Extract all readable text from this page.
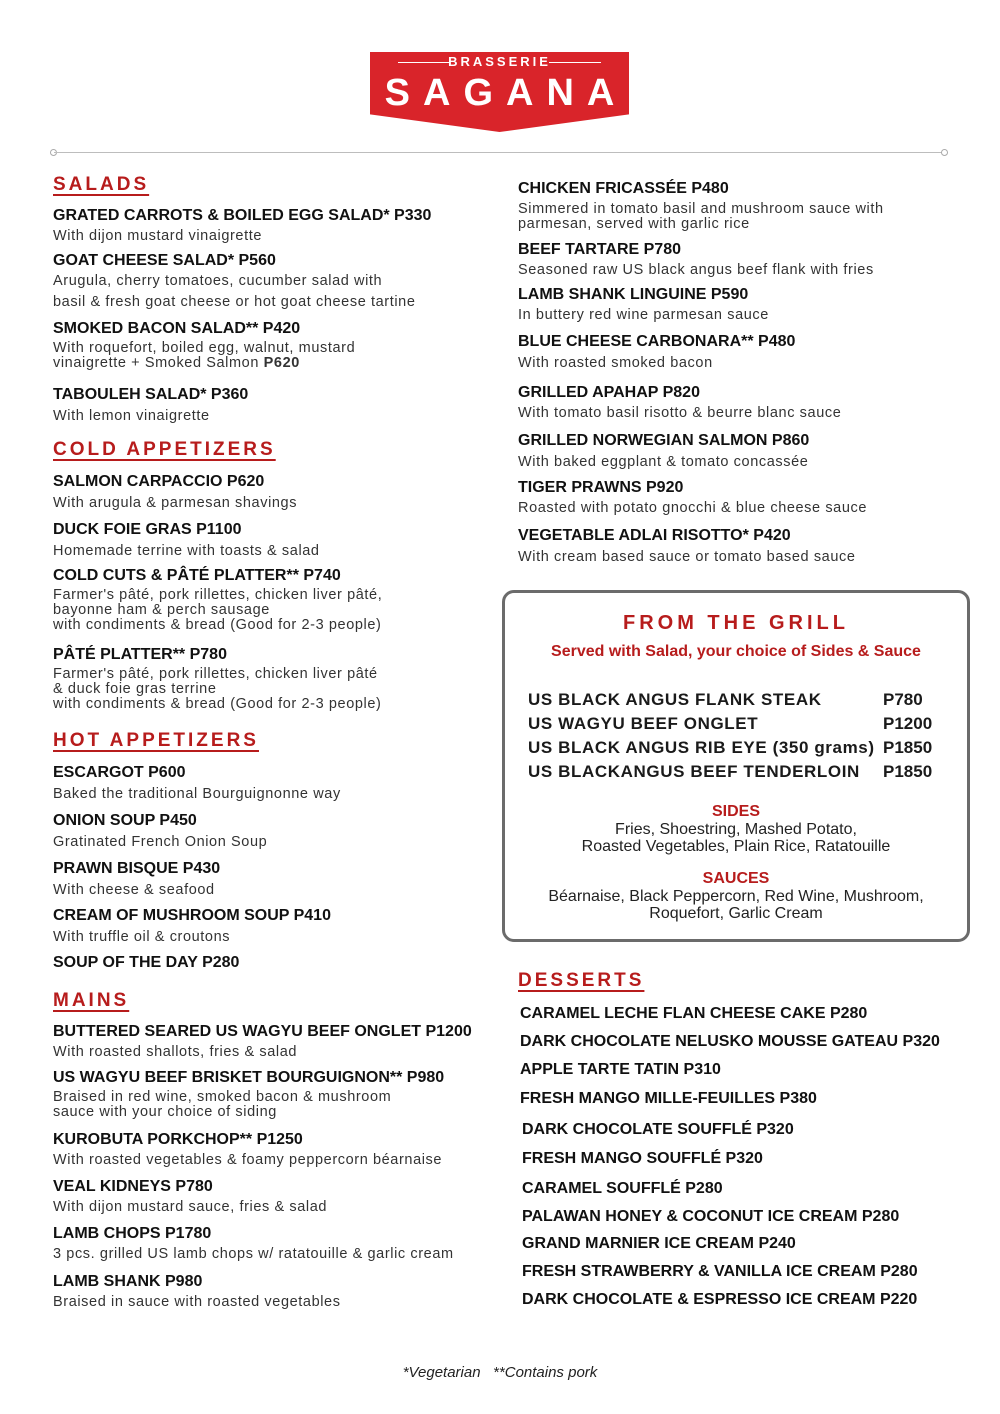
BRASSERIE
SAGANA
SALADS
GRATED CARROTS & BOILED EGG SALAD* P330
With dijon mustard vinaigrette
GOAT CHEESE SALAD* P560
Arugula, cherry tomatoes, cucumber salad with
basil & fresh goat cheese or hot goat cheese tartine
SMOKED BACON SALAD** P420
With roquefort, boiled egg, walnut, mustard
vinaigrette + Smoked Salmon P620
TABOULEH SALAD* P360
With lemon vinaigrette
COLD APPETIZERS
SALMON CARPACCIO P620
With arugula & parmesan shavings
DUCK FOIE GRAS P1100
Homemade terrine with toasts & salad
COLD CUTS & PÂTÉ PLATTER** P740
Farmer's pâté, pork rillettes, chicken liver pâté,
bayonne ham & perch sausage
with condiments & bread (Good for 2-3 people)
PÂTÉ PLATTER** P780
Farmer's pâté, pork rillettes, chicken liver pâté
& duck foie gras terrine
with condiments & bread (Good for 2-3 people)
HOT APPETIZERS
ESCARGOT P600
Baked the traditional Bourguignonne way
ONION SOUP P450
Gratinated French Onion Soup
PRAWN BISQUE P430
With cheese & seafood
CREAM OF MUSHROOM SOUP P410
With truffle oil & croutons
SOUP OF THE DAY P280
MAINS
BUTTERED SEARED US WAGYU BEEF ONGLET P1200
With roasted shallots, fries & salad
US WAGYU BEEF BRISKET BOURGUIGNON** P980
Braised in red wine, smoked bacon & mushroom
sauce with your choice of siding
KUROBUTA PORKCHOP** P1250
With roasted vegetables & foamy peppercorn béarnaise
VEAL KIDNEYS P780
With dijon mustard sauce, fries & salad
LAMB CHOPS P1780
3 pcs. grilled US lamb chops w/ ratatouille & garlic cream
LAMB SHANK P980
Braised in sauce with roasted vegetables
CHICKEN FRICASSÉE P480
Simmered in tomato basil and mushroom sauce with
parmesan, served with garlic rice
BEEF TARTARE P780
Seasoned raw US black angus beef flank with fries
LAMB SHANK LINGUINE P590
In buttery red wine parmesan sauce
BLUE CHEESE CARBONARA** P480
With roasted smoked bacon
GRILLED APAHAP P820
With tomato basil risotto & beurre blanc sauce
GRILLED NORWEGIAN SALMON P860
With baked eggplant & tomato concassée
TIGER PRAWNS P920
Roasted with potato gnocchi & blue cheese sauce
VEGETABLE ADLAI RISOTTO* P420
With cream based sauce or tomato based sauce
FROM THE GRILL
Served with Salad, your choice of Sides & Sauce
US BLACK ANGUS FLANK STEAK	P780
US WAGYU BEEF ONGLET	P1200
US BLACK ANGUS RIB EYE (350 grams) P1850
US BLACKANGUS BEEF TENDERLOIN P1850
SIDES
Fries, Shoestring, Mashed Potato,
Roasted Vegetables, Plain Rice, Ratatouille
SAUCES
Béarnaise, Black Peppercorn, Red Wine, Mushroom,
Roquefort, Garlic Cream
DESSERTS
CARAMEL LECHE FLAN CHEESE CAKE P280
DARK CHOCOLATE NELUSKO MOUSSE GATEAU P320
APPLE TARTE TATIN P310
FRESH MANGO MILLE-FEUILLES P380
DARK CHOCOLATE SOUFFLÉ P320
FRESH MANGO SOUFFLÉ P320
CARAMEL SOUFFLÉ P280
PALAWAN HONEY & COCONUT ICE CREAM P280
GRAND MARNIER ICE CREAM P240
FRESH STRAWBERRY & VANILLA ICE CREAM P280
DARK CHOCOLATE & ESPRESSO ICE CREAM P220
*Vegetarian   **Contains pork
